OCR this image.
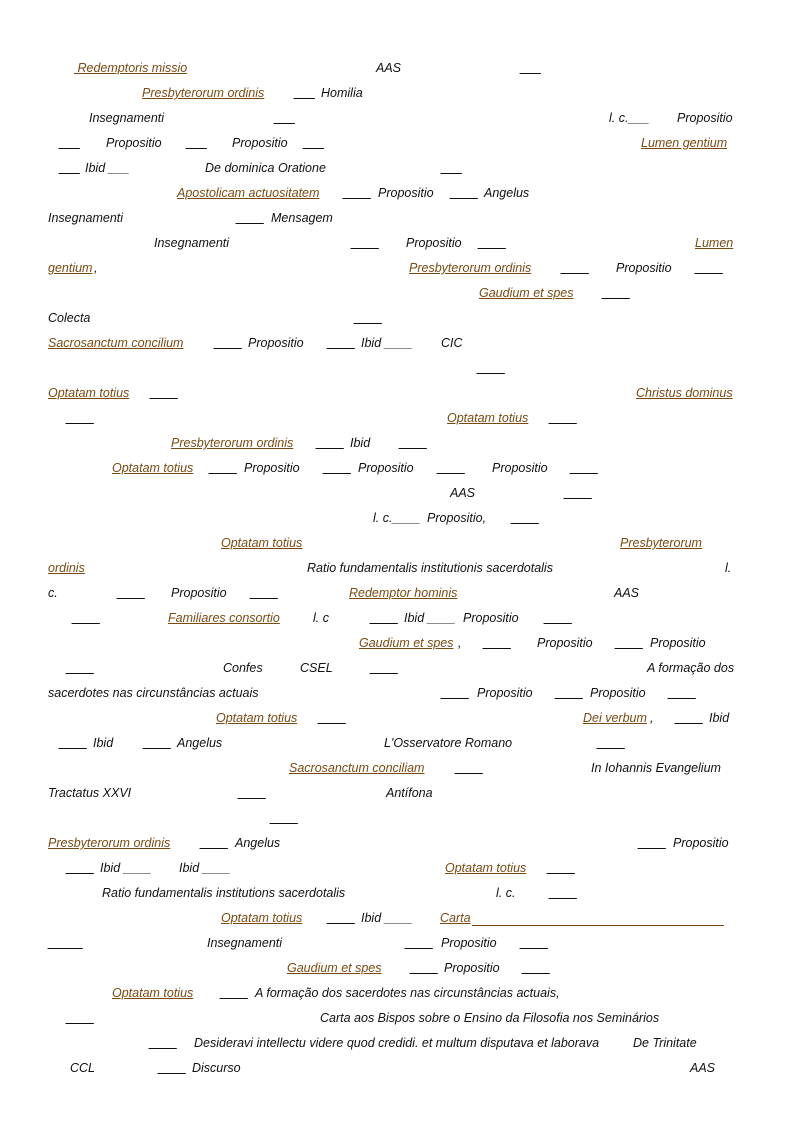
Redemptoris missio	AAS	___
Presbyterorum ordinis ___ Homilia
Insegnamenti	___	l. c.___ Propositio
___ Propositio ___ Propositio ___	Lumen gentium
___ Ibid ___	De dominica Oratione	___
Apostolicam actuositatem ____ Propositio ____ Angelus
Insegnamenti	____ Mensagem
Insegnamenti	____ Propositio ____	Lumen
gentium ,	Presbyterorum ordinis ____ Propositio ____
Gaudium et spes ____
Colecta	____
Sacrosanctum concilium ____ Propositio ____ Ibid ____ CIC
____
Optatam totius ____	Christus dominus
____	Optatam totius ____
Presbyterorum ordinis ____ Ibid ____
Optatam totius ____ Propositio ____ Propositio ____ Propositio ____
AAS	____
l. c.____ Propositio, ____
Optatam totius	Presbyterorum
ordinis	Ratio fundamentalis institutionis sacerdotalis	l.
c.	____ Propositio ____	Redemptor hominis	AAS
____	Familiares consortio	l. c	____ Ibid ____ Propositio ____
Gaudium et spes , ____ Propositio ____ Propositio
____	Confes	CSEL	____	A formação dos
sacerdotes nas circunstâncias actuais	____ Propositio ____ Propositio ____
Optatam totius ____	Dei verbum , ____ Ibid
____ Ibid ____ Angelus	L'Osservatore Romano	____
Sacrosanctum conciliam ____	In Iohannis Evangelium
Tractatus XXVI	____	Antífona
____
Presbyterorum ordinis ____ Angelus	____ Propositio
____ Ibid ____ Ibid ____	Optatam totius ____
Ratio fundamentalis institutions sacerdotalis	l. c.	____
Optatam totius ____ Ibid ____ Carta
_____	Insegnamenti	____ Propositio ____
Gaudium et spes ____ Propositio ____
Optatam totius ____ A formação dos sacerdotes nas circunstâncias actuais,
____	Carta aos Bispos sobre o Ensino da Filosofia nos Seminários
____ Desideravi intellectu videre quod credidi. et multum disputava et laborava	De Trinitate
CCL	____ Discurso	AAS
